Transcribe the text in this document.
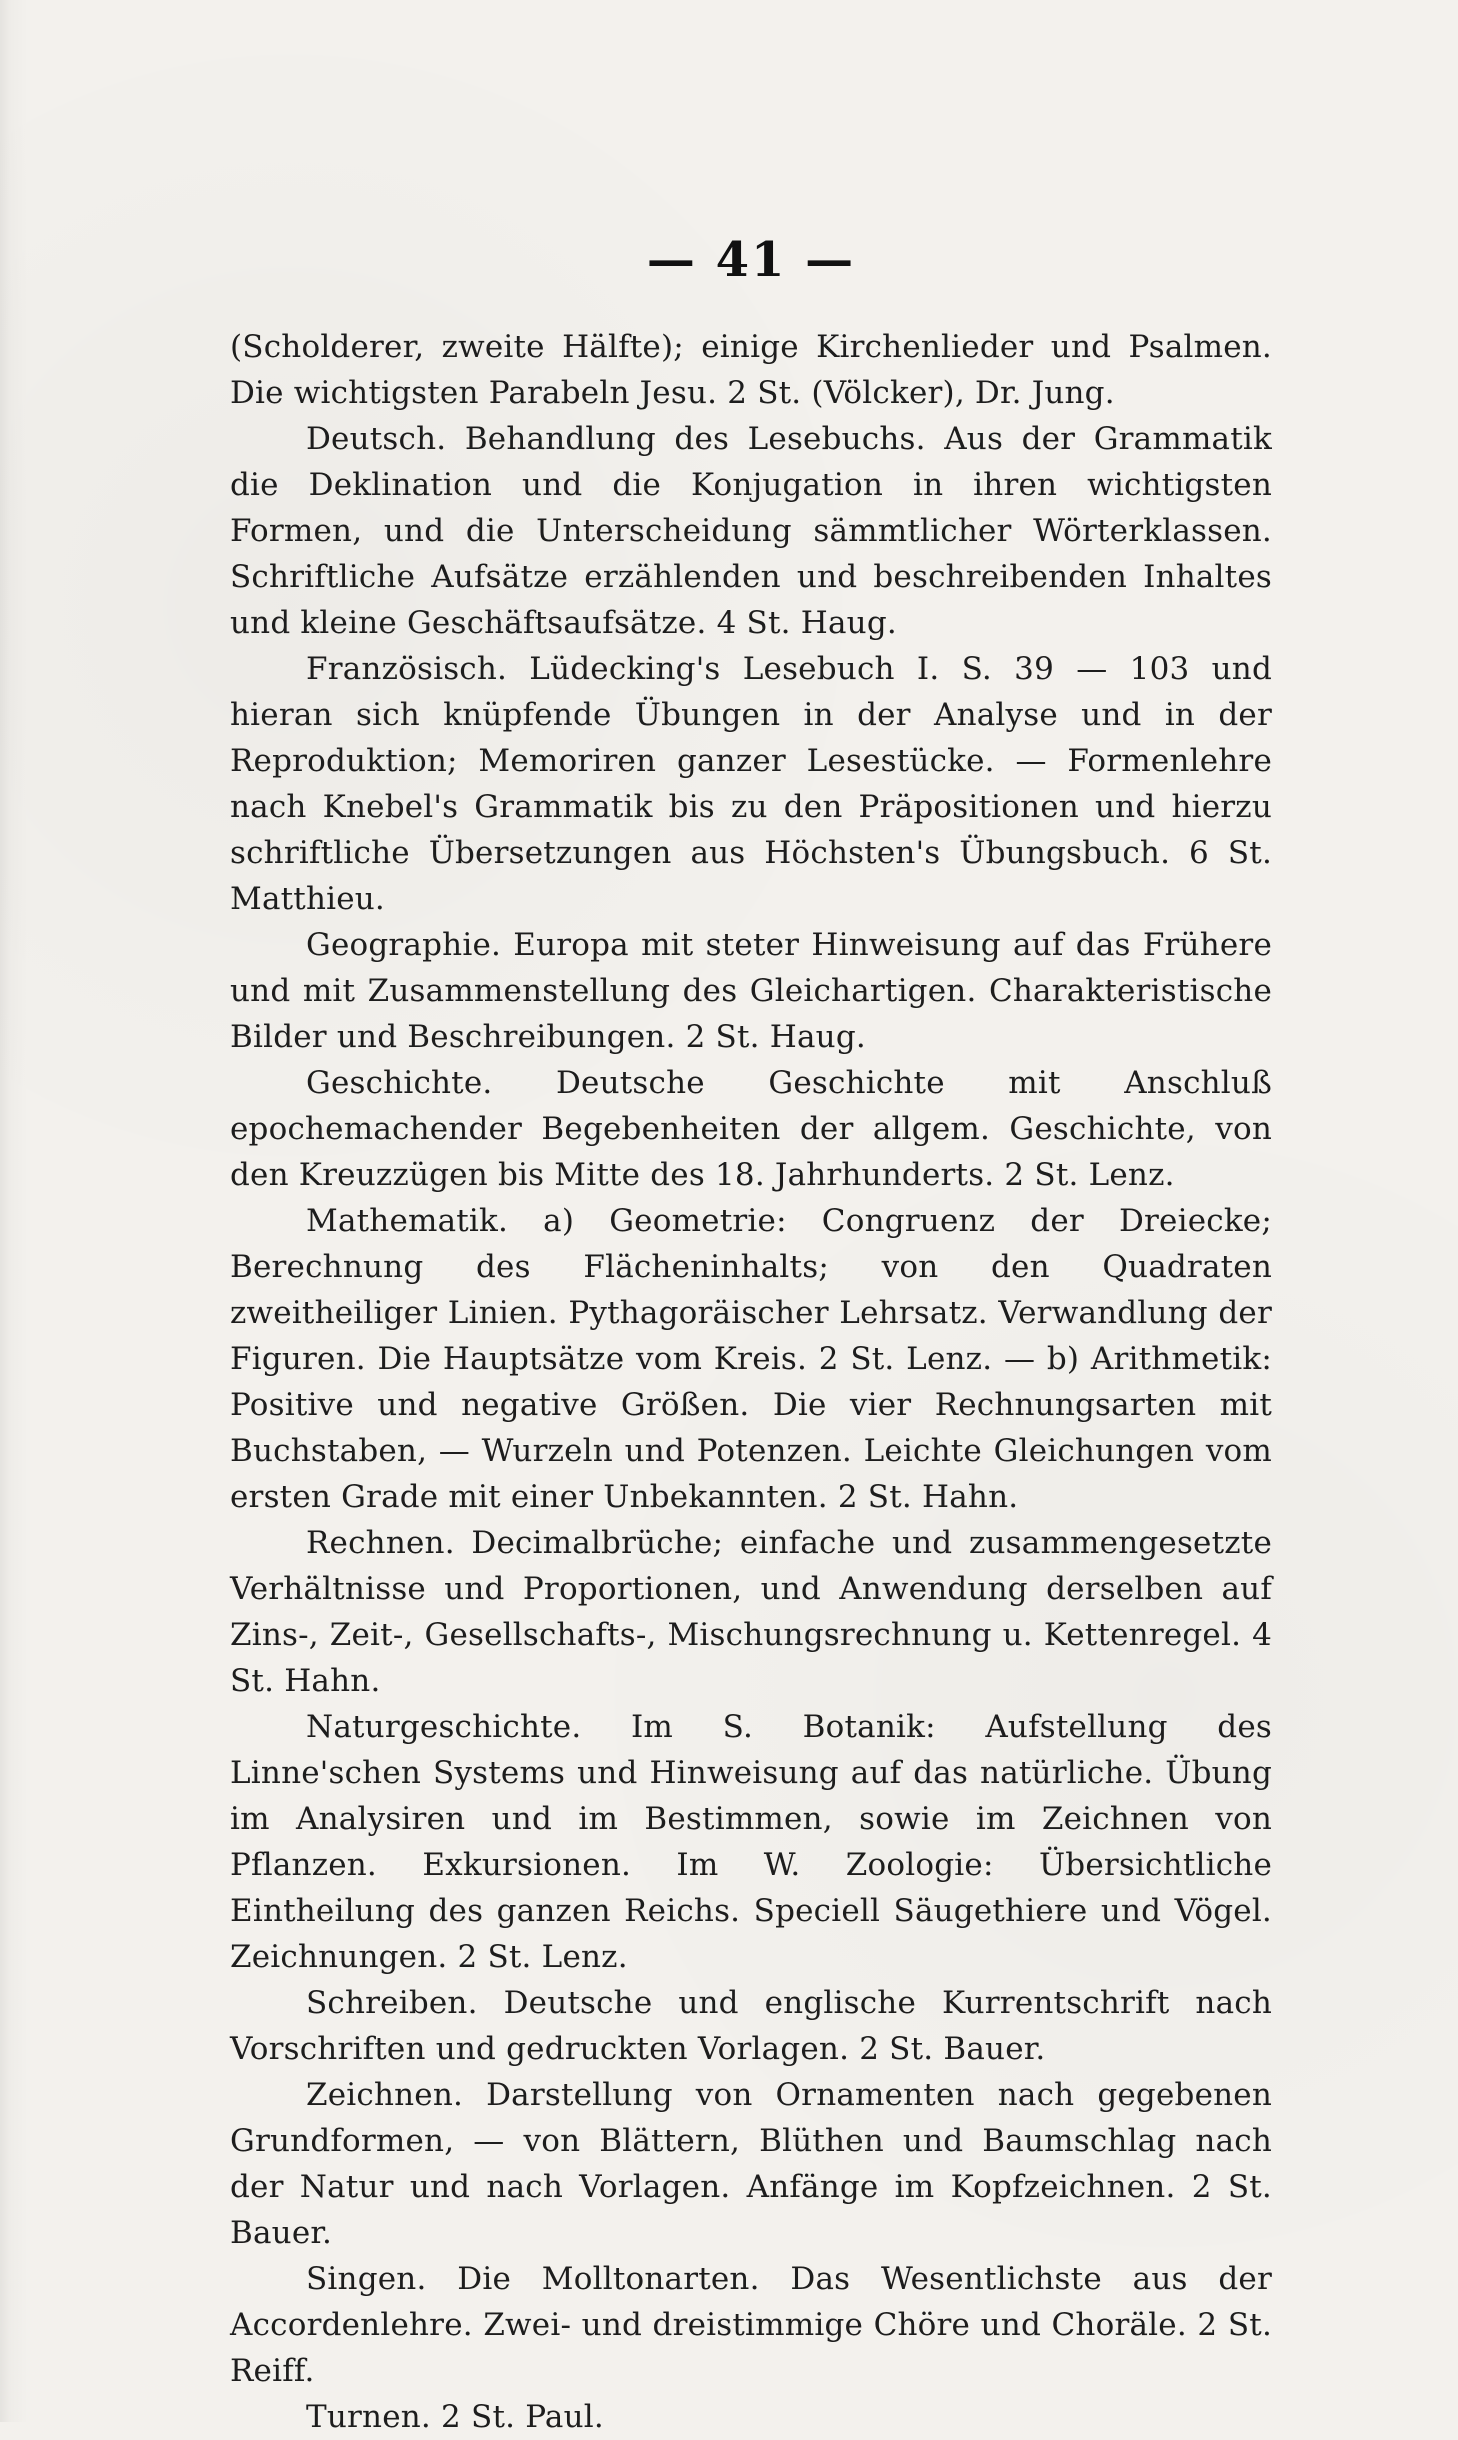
— 41 —

(Scholderer, zweite Hälfte); einige Kirchenlieder und Psalmen. Die wichtigsten Parabeln Jesu. 2 St. (Völcker), Dr. Jung.

Deutsch. Behandlung des Lesebuchs. Aus der Grammatik die Deklination und die Konjugation in ihren wichtigsten Formen, und die Unterscheidung sämmtlicher Wörterklassen. Schriftliche Aufsätze erzählenden und beschreibenden Inhaltes und kleine Geschäftsaufsätze. 4 St. Haug.

Französisch. Lüdecking's Lesebuch I. S. 39 — 103 und hieran sich knüpfende Übungen in der Analyse und in der Reproduktion; Memoriren ganzer Lesestücke. — Formenlehre nach Knebel's Grammatik bis zu den Präpositionen und hierzu schriftliche Übersetzungen aus Höchsten's Übungsbuch. 6 St. Matthieu.

Geographie. Europa mit steter Hinweisung auf das Frühere und mit Zusammenstellung des Gleichartigen. Charakteristische Bilder und Beschreibungen. 2 St. Haug.

Geschichte. Deutsche Geschichte mit Anschluß epochemachender Begebenheiten der allgem. Geschichte, von den Kreuzzügen bis Mitte des 18. Jahrhunderts. 2 St. Lenz.

Mathematik. a) Geometrie: Congruenz der Dreiecke; Berechnung des Flächeninhalts; von den Quadraten zweitheiliger Linien. Pythagoräischer Lehrsatz. Verwandlung der Figuren. Die Hauptsätze vom Kreis. 2 St. Lenz. — b) Arithmetik: Positive und negative Größen. Die vier Rechnungsarten mit Buchstaben, — Wurzeln und Potenzen. Leichte Gleichungen vom ersten Grade mit einer Unbekannten. 2 St. Hahn.

Rechnen. Decimalbrüche; einfache und zusammengesetzte Verhältnisse und Proportionen, und Anwendung derselben auf Zins-, Zeit-, Gesellschafts-, Mischungsrechnung u. Kettenregel. 4 St. Hahn.

Naturgeschichte. Im S. Botanik: Aufstellung des Linne'schen Systems und Hinweisung auf das natürliche. Übung im Analysiren und im Bestimmen, sowie im Zeichnen von Pflanzen. Exkursionen. Im W. Zoologie: Übersichtliche Eintheilung des ganzen Reichs. Speciell Säugethiere und Vögel. Zeichnungen. 2 St. Lenz.

Schreiben. Deutsche und englische Kurrentschrift nach Vorschriften und gedruckten Vorlagen. 2 St. Bauer.

Zeichnen. Darstellung von Ornamenten nach gegebenen Grundformen, — von Blättern, Blüthen und Baumschlag nach der Natur und nach Vorlagen. Anfänge im Kopfzeichnen. 2 St. Bauer.

Singen. Die Molltonarten. Das Wesentlichste aus der Accordenlehre. Zwei- und dreistimmige Chöre und Choräle. 2 St. Reiff.

Turnen. 2 St. Paul.
